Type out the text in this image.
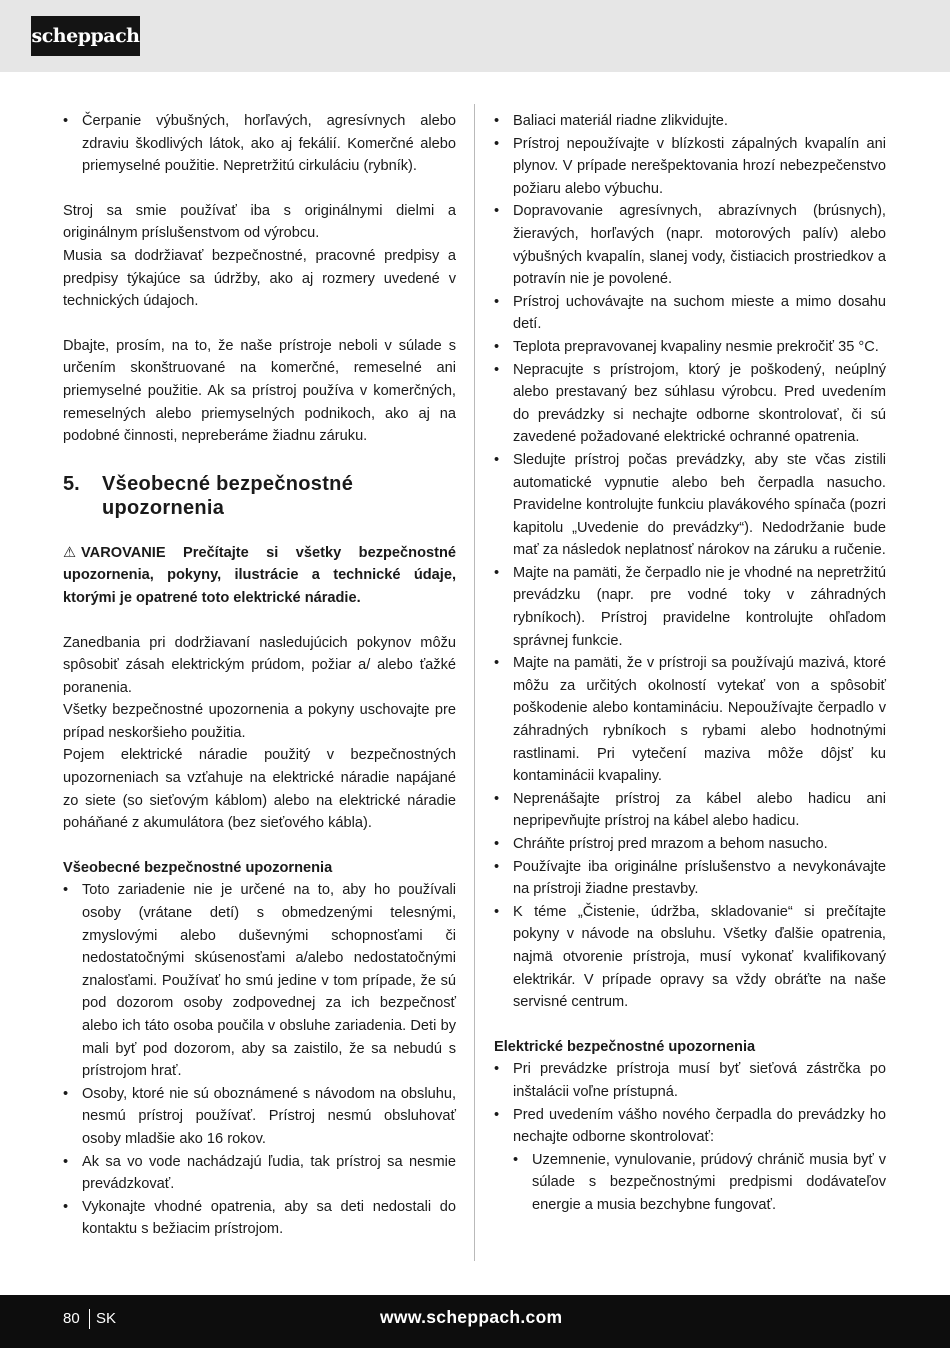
scheppach
• Čerpanie výbušných, horľavých, agresívnych alebo zdraviu škodlivých látok, ako aj fekálií. Komerčné alebo priemyselné použitie. Nepretržitú cirkuláciu (rybník).

Stroj sa smie používať iba s originálnymi dielmi a originálnym príslušenstvom od výrobcu.

Musia sa dodržiavať bezpečnostné, pracovné predpisy a predpisy týkajúce sa údržby, ako aj rozmery uvedené v technických údajoch.

Dbajte, prosím, na to, že naše prístroje neboli v súlade s určením skonštruované na komerčné, remeselné ani priemyselné použitie. Ak sa prístroj používa v komerčných, remeselných alebo priemyselných podnikoch, ako aj na podobné činnosti, nepreberáme žiadnu záruku.

5.	Všeobecné bezpečnostné upozornenia

⚠ VAROVANIE Prečítajte si všetky bezpečnostné upozornenia, pokyny, ilustrácie a technické údaje, ktorými je opatrené toto elektrické náradie.

Zanedbania pri dodržiavaní nasledujúcich pokynov môžu spôsobiť zásah elektrickým prúdom, požiar a/ alebo ťažké poranenia.

Všetky bezpečnostné upozornenia a pokyny uschovajte pre prípad neskoršieho použitia.

Pojem elektrické náradie použitý v bezpečnostných upozorneniach sa vzťahuje na elektrické náradie napájané zo siete (so sieťovým káblom) alebo na elektrické náradie poháňané z akumulátora (bez sieťového kábla).

Všeobecné bezpečnostné upozornenia
• Toto zariadenie nie je určené na to, aby ho používali osoby (vrátane detí) s obmedzenými telesnými, zmyslovými alebo duševnými schopnosťami či nedostatočnými skúsenosťami a/alebo nedostatočnými znalosťami. Používať ho smú jedine v tom prípade, že sú pod dozorom osoby zodpovednej za ich bezpečnosť alebo ich táto osoba poučila v obsluhe zariadenia. Deti by mali byť pod dozorom, aby sa zaistilo, že sa nebudú s prístrojom hrať.
• Osoby, ktoré nie sú oboznámené s návodom na obsluhu, nesmú prístroj používať. Prístroj nesmú obsluhovať osoby mladšie ako 16 rokov.
• Ak sa vo vode nachádzajú ľudia, tak prístroj sa nesmie prevádzkovať.
• Vykonajte vhodné opatrenia, aby sa deti nedostali do kontaktu s bežiacim prístrojom.
• Baliaci materiál riadne zlikvidujte.
• Prístroj nepoužívajte v blízkosti zápalných kvapalín ani plynov. V prípade nerešpektovania hrozí nebezpečenstvo požiaru alebo výbuchu.
• Dopravovanie agresívnych, abrazívnych (brúsnych), žieravých, horľavých (napr. motorových palív) alebo výbušných kvapalín, slanej vody, čistiacich prostriedkov a potravín nie je povolené.
• Prístroj uchovávajte na suchom mieste a mimo dosahu detí.
• Teplota prepravovanej kvapaliny nesmie prekročiť 35 °C.
• Nepracujte s prístrojom, ktorý je poškodený, neúplný alebo prestavaný bez súhlasu výrobcu. Pred uvedením do prevádzky si nechajte odborne skontrolovať, či sú zavedené požadované elektrické ochranné opatrenia.
• Sledujte prístroj počas prevádzky, aby ste včas zistili automatické vypnutie alebo beh čerpadla nasucho. Pravidelne kontrolujte funkciu plavákového spínača (pozri kapitolu „Uvedenie do prevádzky“). Nedodržanie bude mať za následok neplatnosť nárokov na záruku a ručenie.
• Majte na pamäti, že čerpadlo nie je vhodné na nepretržitú prevádzku (napr. pre vodné toky v záhradných rybníkoch). Prístroj pravidelne kontrolujte ohľadom správnej funkcie.
• Majte na pamäti, že v prístroji sa používajú mazivá, ktoré môžu za určitých okolností vytekať von a spôsobiť poškodenie alebo kontamináciu. Nepoužívajte čerpadlo v záhradných rybníkoch s rybami alebo hodnotnými rastlinami. Pri vytečení maziva môže dôjsť ku kontaminácii kvapaliny.
• Neprenášajte prístroj za kábel alebo hadicu ani nepripevňujte prístroj na kábel alebo hadicu.
• Chráňte prístroj pred mrazom a behom nasucho.
• Používajte iba originálne príslušenstvo a nevykonávajte na prístroji žiadne prestavby.
• K téme „Čistenie, údržba, skladovanie“ si prečítajte pokyny v návode na obsluhu. Všetky ďalšie opatrenia, najmä otvorenie prístroja, musí vykonať kvalifikovaný elektrikár. V prípade opravy sa vždy obráťte na naše servisné centrum.
Elektrické bezpečnostné upozornenia
• Pri prevádzke prístroja musí byť sieťová zástrčka po inštalácii voľne prístupná.
• Pred uvedením vášho nového čerpadla do prevádzky ho nechajte odborne skontrolovať:
• Uzemnenie, vynulovanie, prúdový chránič musia byť v súlade s bezpečnostnými predpismi dodávateľov energie a musia bezchybne fungovať.
80 SK	www.scheppach.com
